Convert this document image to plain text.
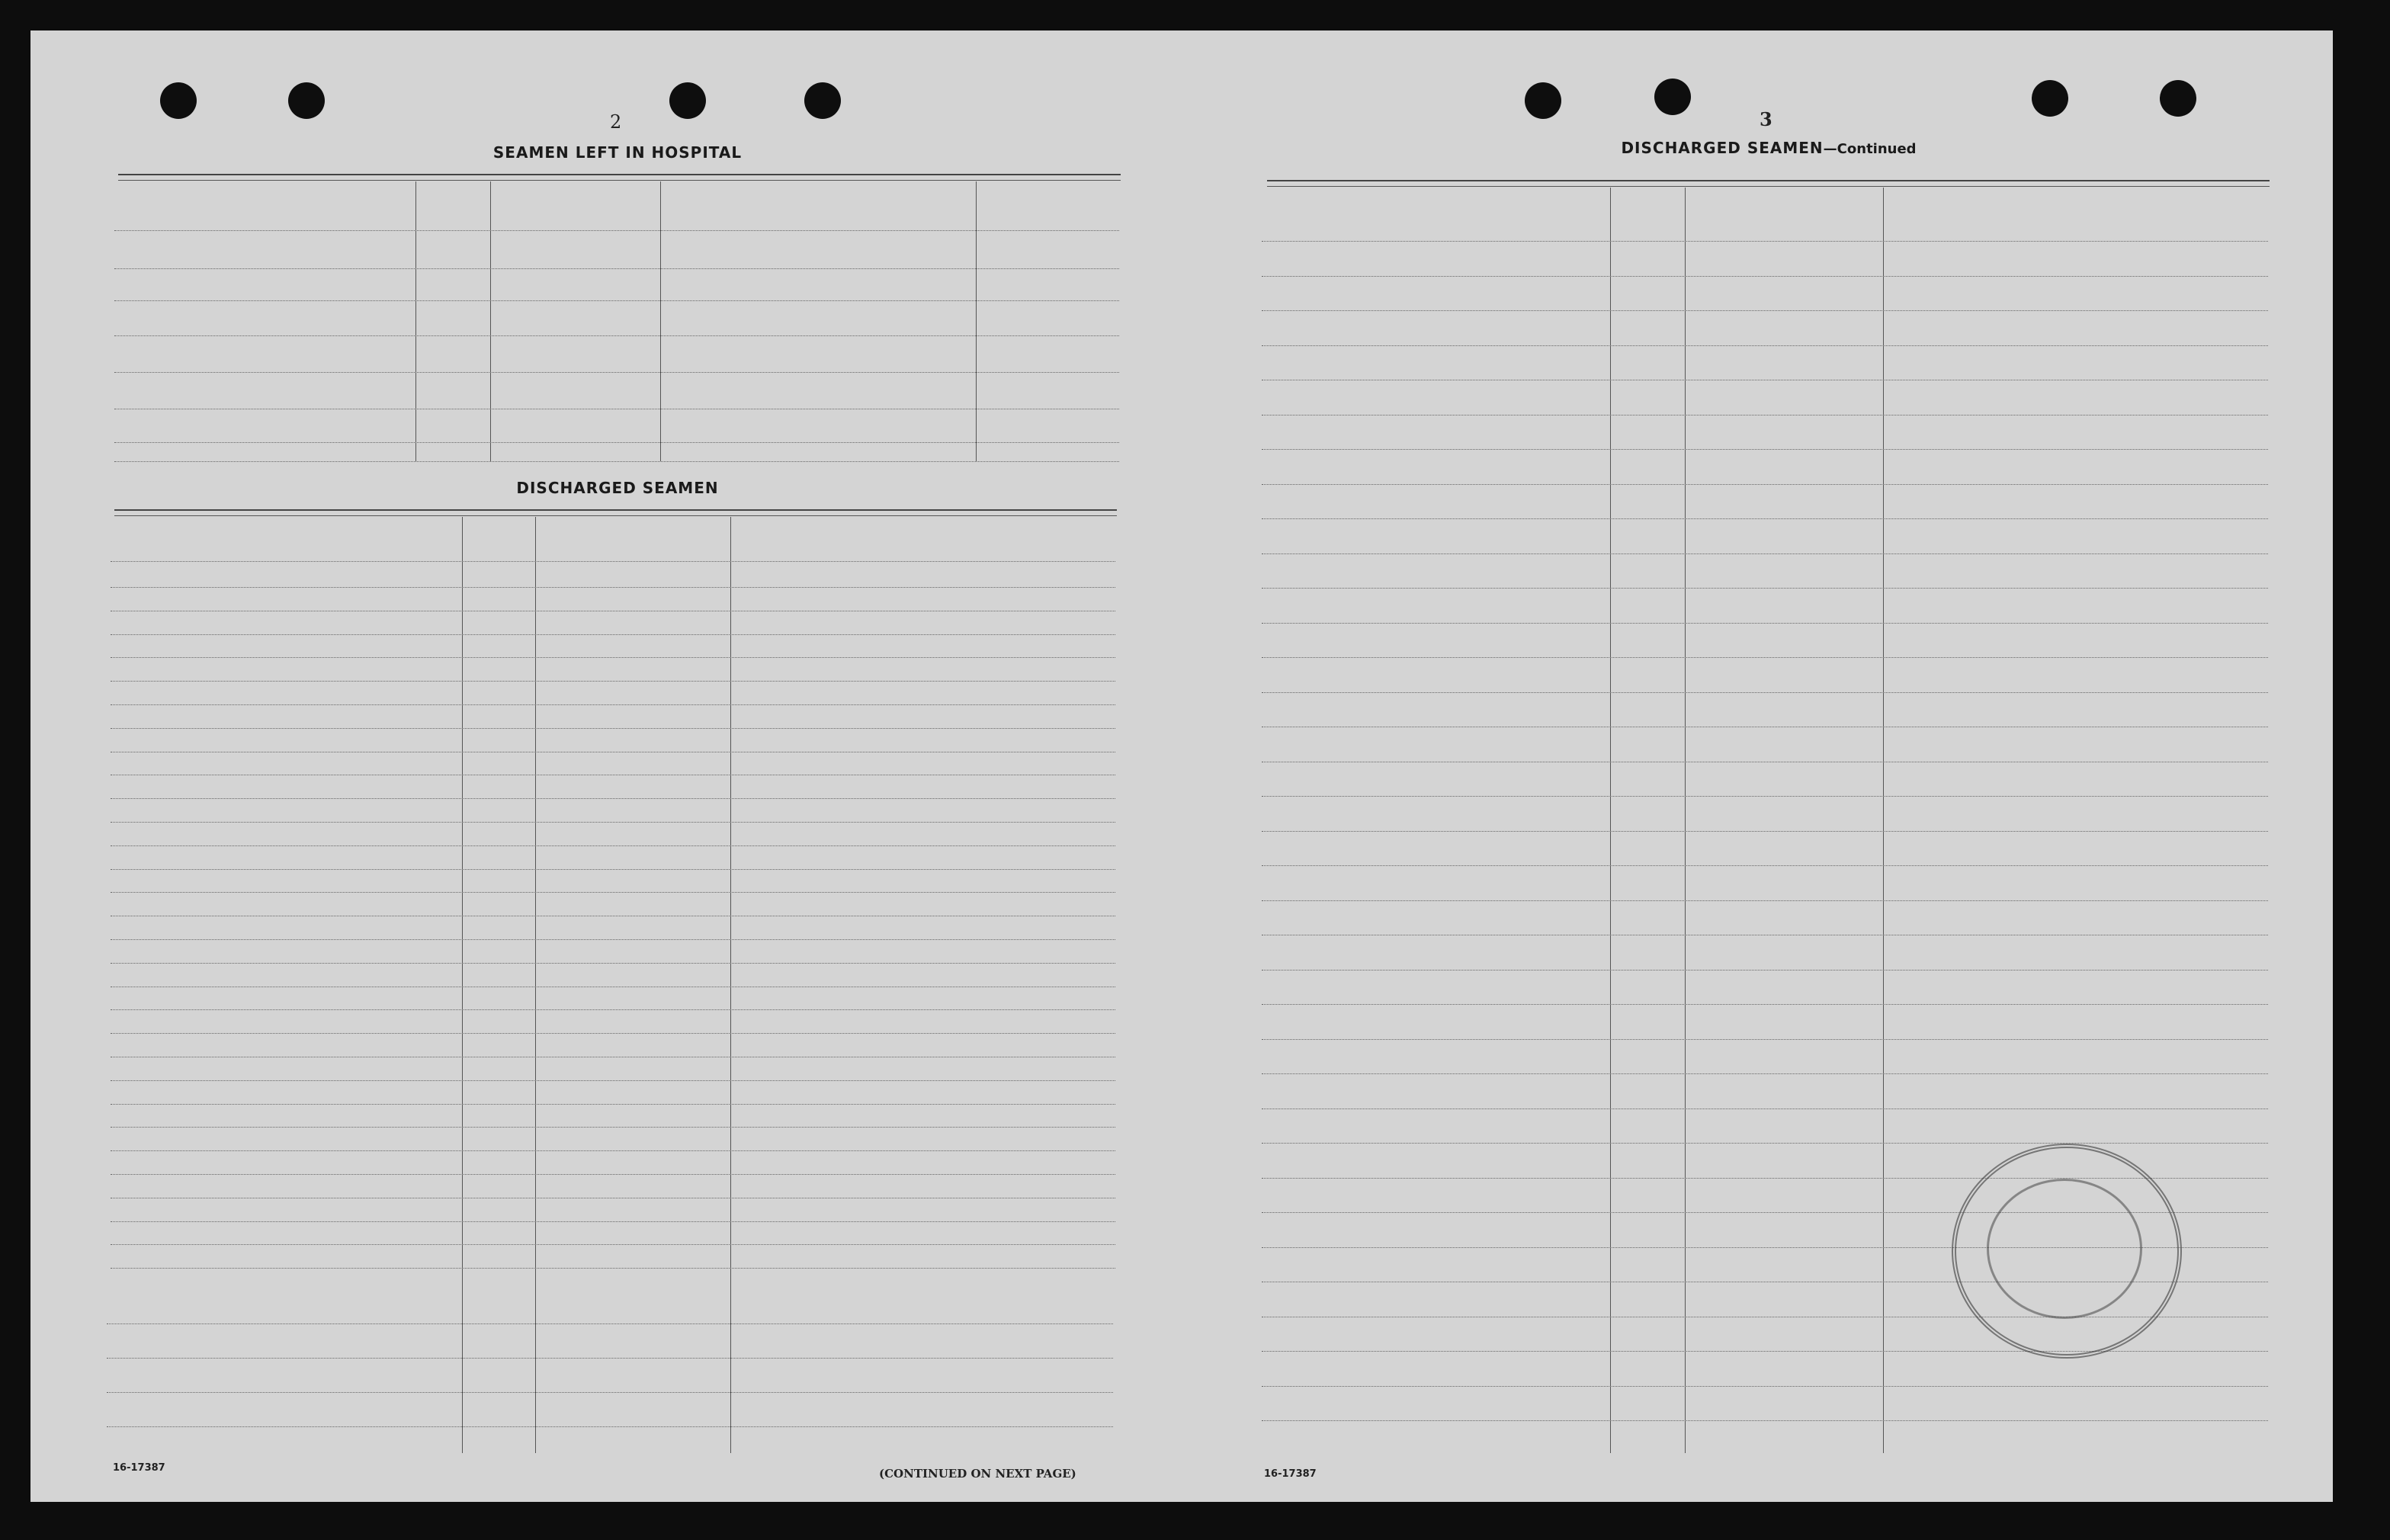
2
SEAMEN LEFT IN HOSPITAL
DISCHARGED SEAMEN
16-17387	(CONTINUED ON NEXT PAGE)
3
DISCHARGED SEAMEN—Continued
16-17387
